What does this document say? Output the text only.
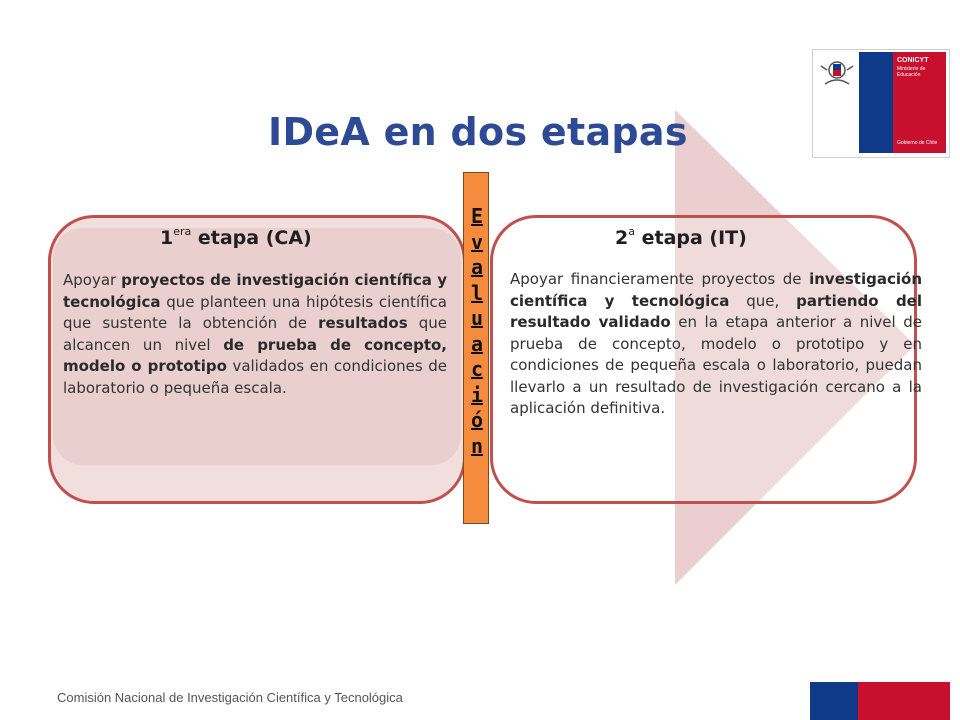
CONICYT
Ministerio de Educación
Gobierno de Chile
IDeA en dos etapas
$1^{era}$ etapa (CA)	2$^a$ etapa (IT)
Apoyar proyectos de investigación científica y tecnológica que planteen una hipótesis científica que sustente la obtención de resultados que alcancen un nivel de prueba de concepto, modelo o prototipo validados en condiciones de laboratorio o pequeña escala.
Apoyar financieramente proyectos de investigación científica y tecnológica que, partiendo del resultado validado en la etapa anterior a nivel de prueba de concepto, modelo o prototipo y en condiciones de pequeña escala o laboratorio, puedan llevarlo a un resultado de investigación cercano a la aplicación definitiva.
E
v
a
l
u
a
c
i
ó
n
Comisión Nacional de Investigación Científica y Tecnológica
